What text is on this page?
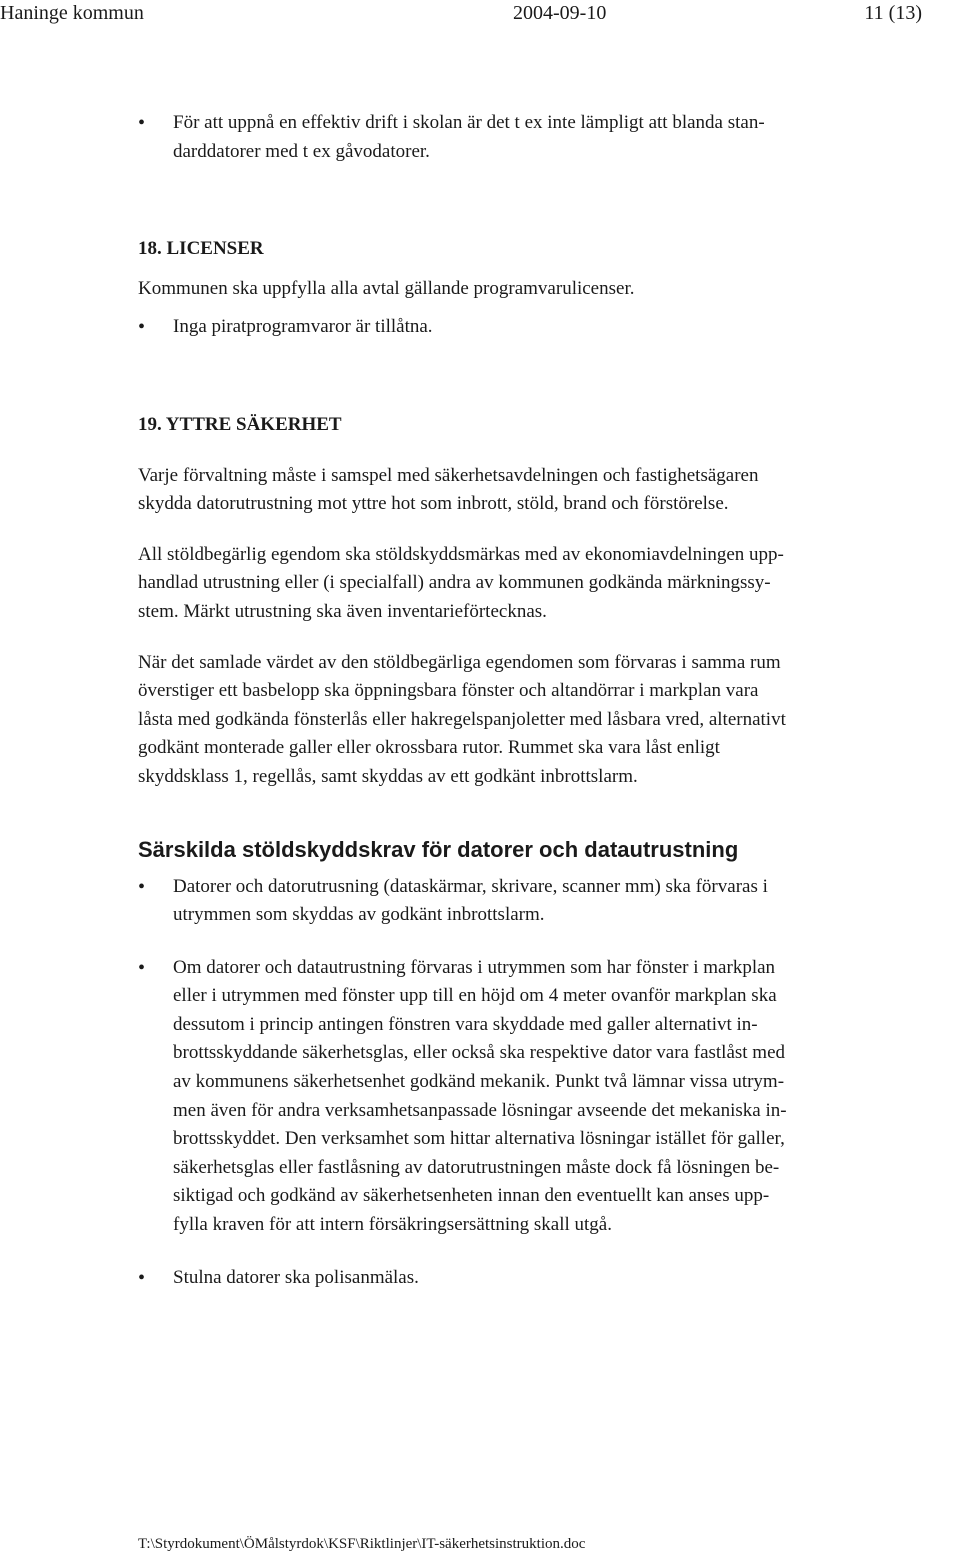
Haninge kommun	2004-09-10	11 (13)
• För att uppnå en effektiv drift i skolan är det t ex inte lämpligt att blanda stan-
darddatorer med t ex gåvodatorer.

18. LICENSER

Kommunen ska uppfylla alla avtal gällande programvarulicenser.

• Inga piratprogramvaror är tillåtna.

19. YTTRE SÄKERHET

Varje förvaltning måste i samspel med säkerhetsavdelningen och fastighetsägaren
skydda datorutrustning mot yttre hot som inbrott, stöld, brand och förstörelse.

All stöldbegärlig egendom ska stöldskyddsmärkas med av ekonomiavdelningen upp-
handlad utrustning eller (i specialfall) andra av kommunen godkända märkningssy-
stem. Märkt utrustning ska även inventarieförtecknas.

När det samlade värdet av den stöldbegärliga egendomen som förvaras i samma rum
överstiger ett basbelopp ska öppningsbara fönster och altandörrar i markplan vara
låsta med godkända fönsterlås eller hakregelspanjoletter med låsbara vred, alternativt
godkänt monterade galler eller okrossbara rutor. Rummet ska vara låst enligt
skyddsklass 1, regellås, samt skyddas av ett godkänt inbrottslarm.

Särskilda stöldskyddskrav för datorer och datautrustning

• Datorer och datorutrusning (dataskärmar, skrivare, scanner mm) ska förvaras i
utrymmen som skyddas av godkänt inbrottslarm.
• Om datorer och datautrustning förvaras i utrymmen som har fönster i markplan
eller i utrymmen med fönster upp till en höjd om 4 meter ovanför markplan ska
dessutom i princip antingen fönstren vara skyddade med galler alternativt in-
brottsskyddande säkerhetsglas, eller också ska respektive dator vara fastlåst med
av kommunens säkerhetsenhet godkänd mekanik. Punkt två lämnar vissa utrym-
men även för andra verksamhetsanpassade lösningar avseende det mekaniska in-
brottsskyddet. Den verksamhet som hittar alternativa lösningar istället för galler,
säkerhetsglas eller fastlåsning av datorutrustningen måste dock få lösningen be-
siktigad och godkänd av säkerhetsenheten innan den eventuellt kan anses upp-
fylla kraven för att intern försäkringsersättning skall utgå.
• Stulna datorer ska polisanmälas.
T:\Styrdokument\ÖMålstyrdok\KSF\Riktlinjer\IT-säkerhetsinstruktion.doc
